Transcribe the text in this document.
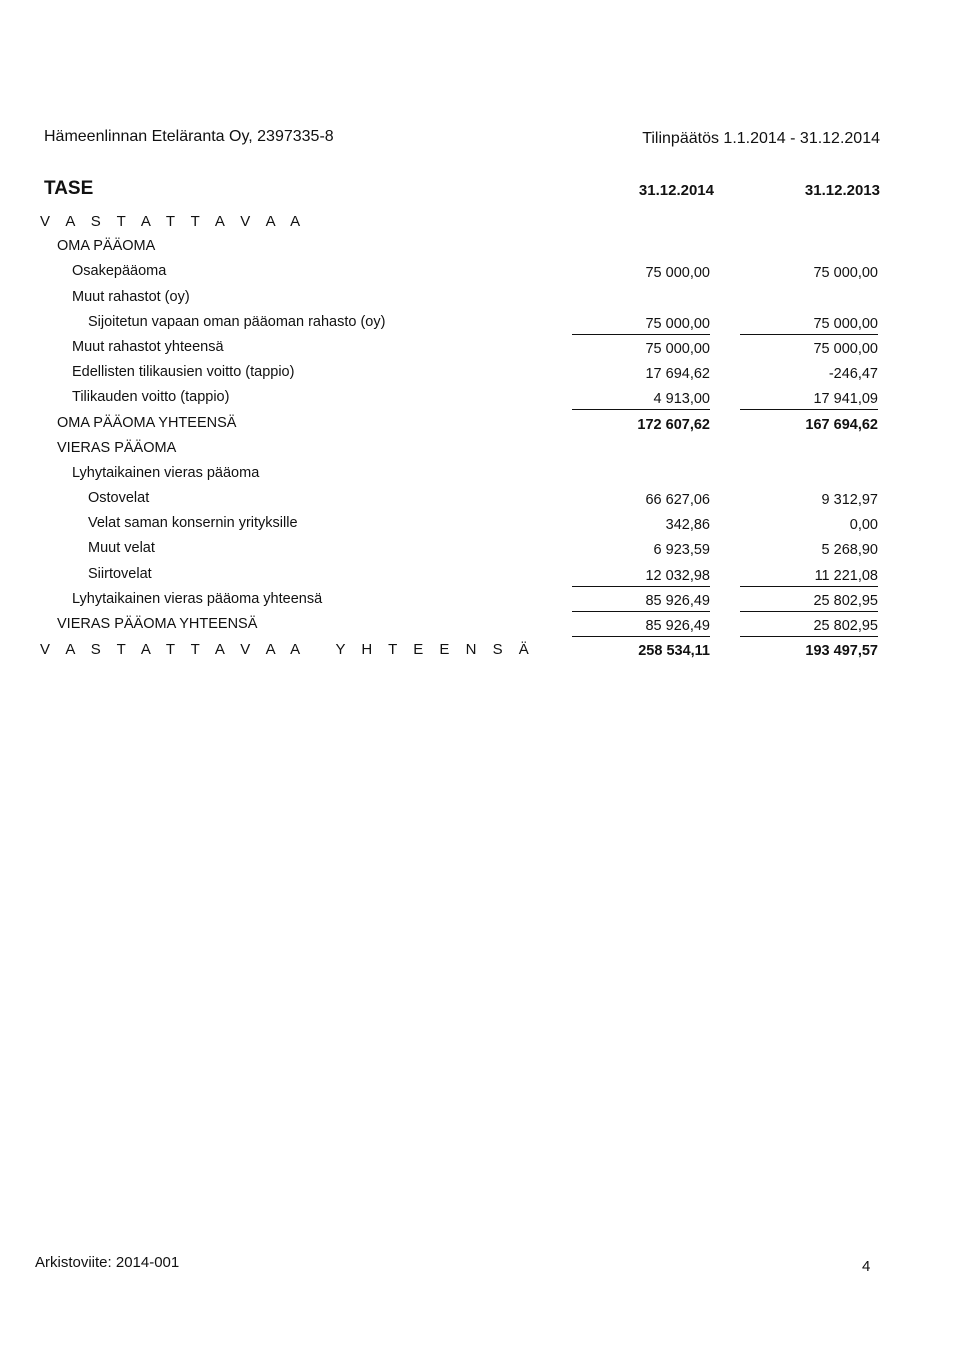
Hämeenlinnan Eteläranta Oy, 2397335-8	Tilinpäätös 1.1.2014 - 31.12.2014
TASE	31.12.2014	31.12.2013
V A S T A T T A V A A
OMA PÄÄOMA
Osakepääoma	75 000,00	75 000,00
Muut rahastot (oy)
Sijoitetun vapaan oman pääoman rahasto (oy)	75 000,00	75 000,00
Muut rahastot yhteensä	75 000,00	75 000,00
Edellisten tilikausien voitto (tappio)	17 694,62	-246,47
Tilikauden voitto (tappio)	4 913,00	17 941,09
OMA PÄÄOMA YHTEENSÄ	172 607,62	167 694,62
VIERAS PÄÄOMA
Lyhytaikainen vieras pääoma
Ostovelat	66 627,06	9 312,97
Velat saman konsernin yrityksille	342,86	0,00
Muut velat	6 923,59	5 268,90
Siirtovelat	12 032,98	11 221,08
Lyhytaikainen vieras pääoma yhteensä	85 926,49	25 802,95
VIERAS PÄÄOMA YHTEENSÄ	85 926,49	25 802,95
V A S T A T T A V A A   Y H T E E N S Ä	258 534,11	193 497,57
Arkistoviite: 2014-001	4
